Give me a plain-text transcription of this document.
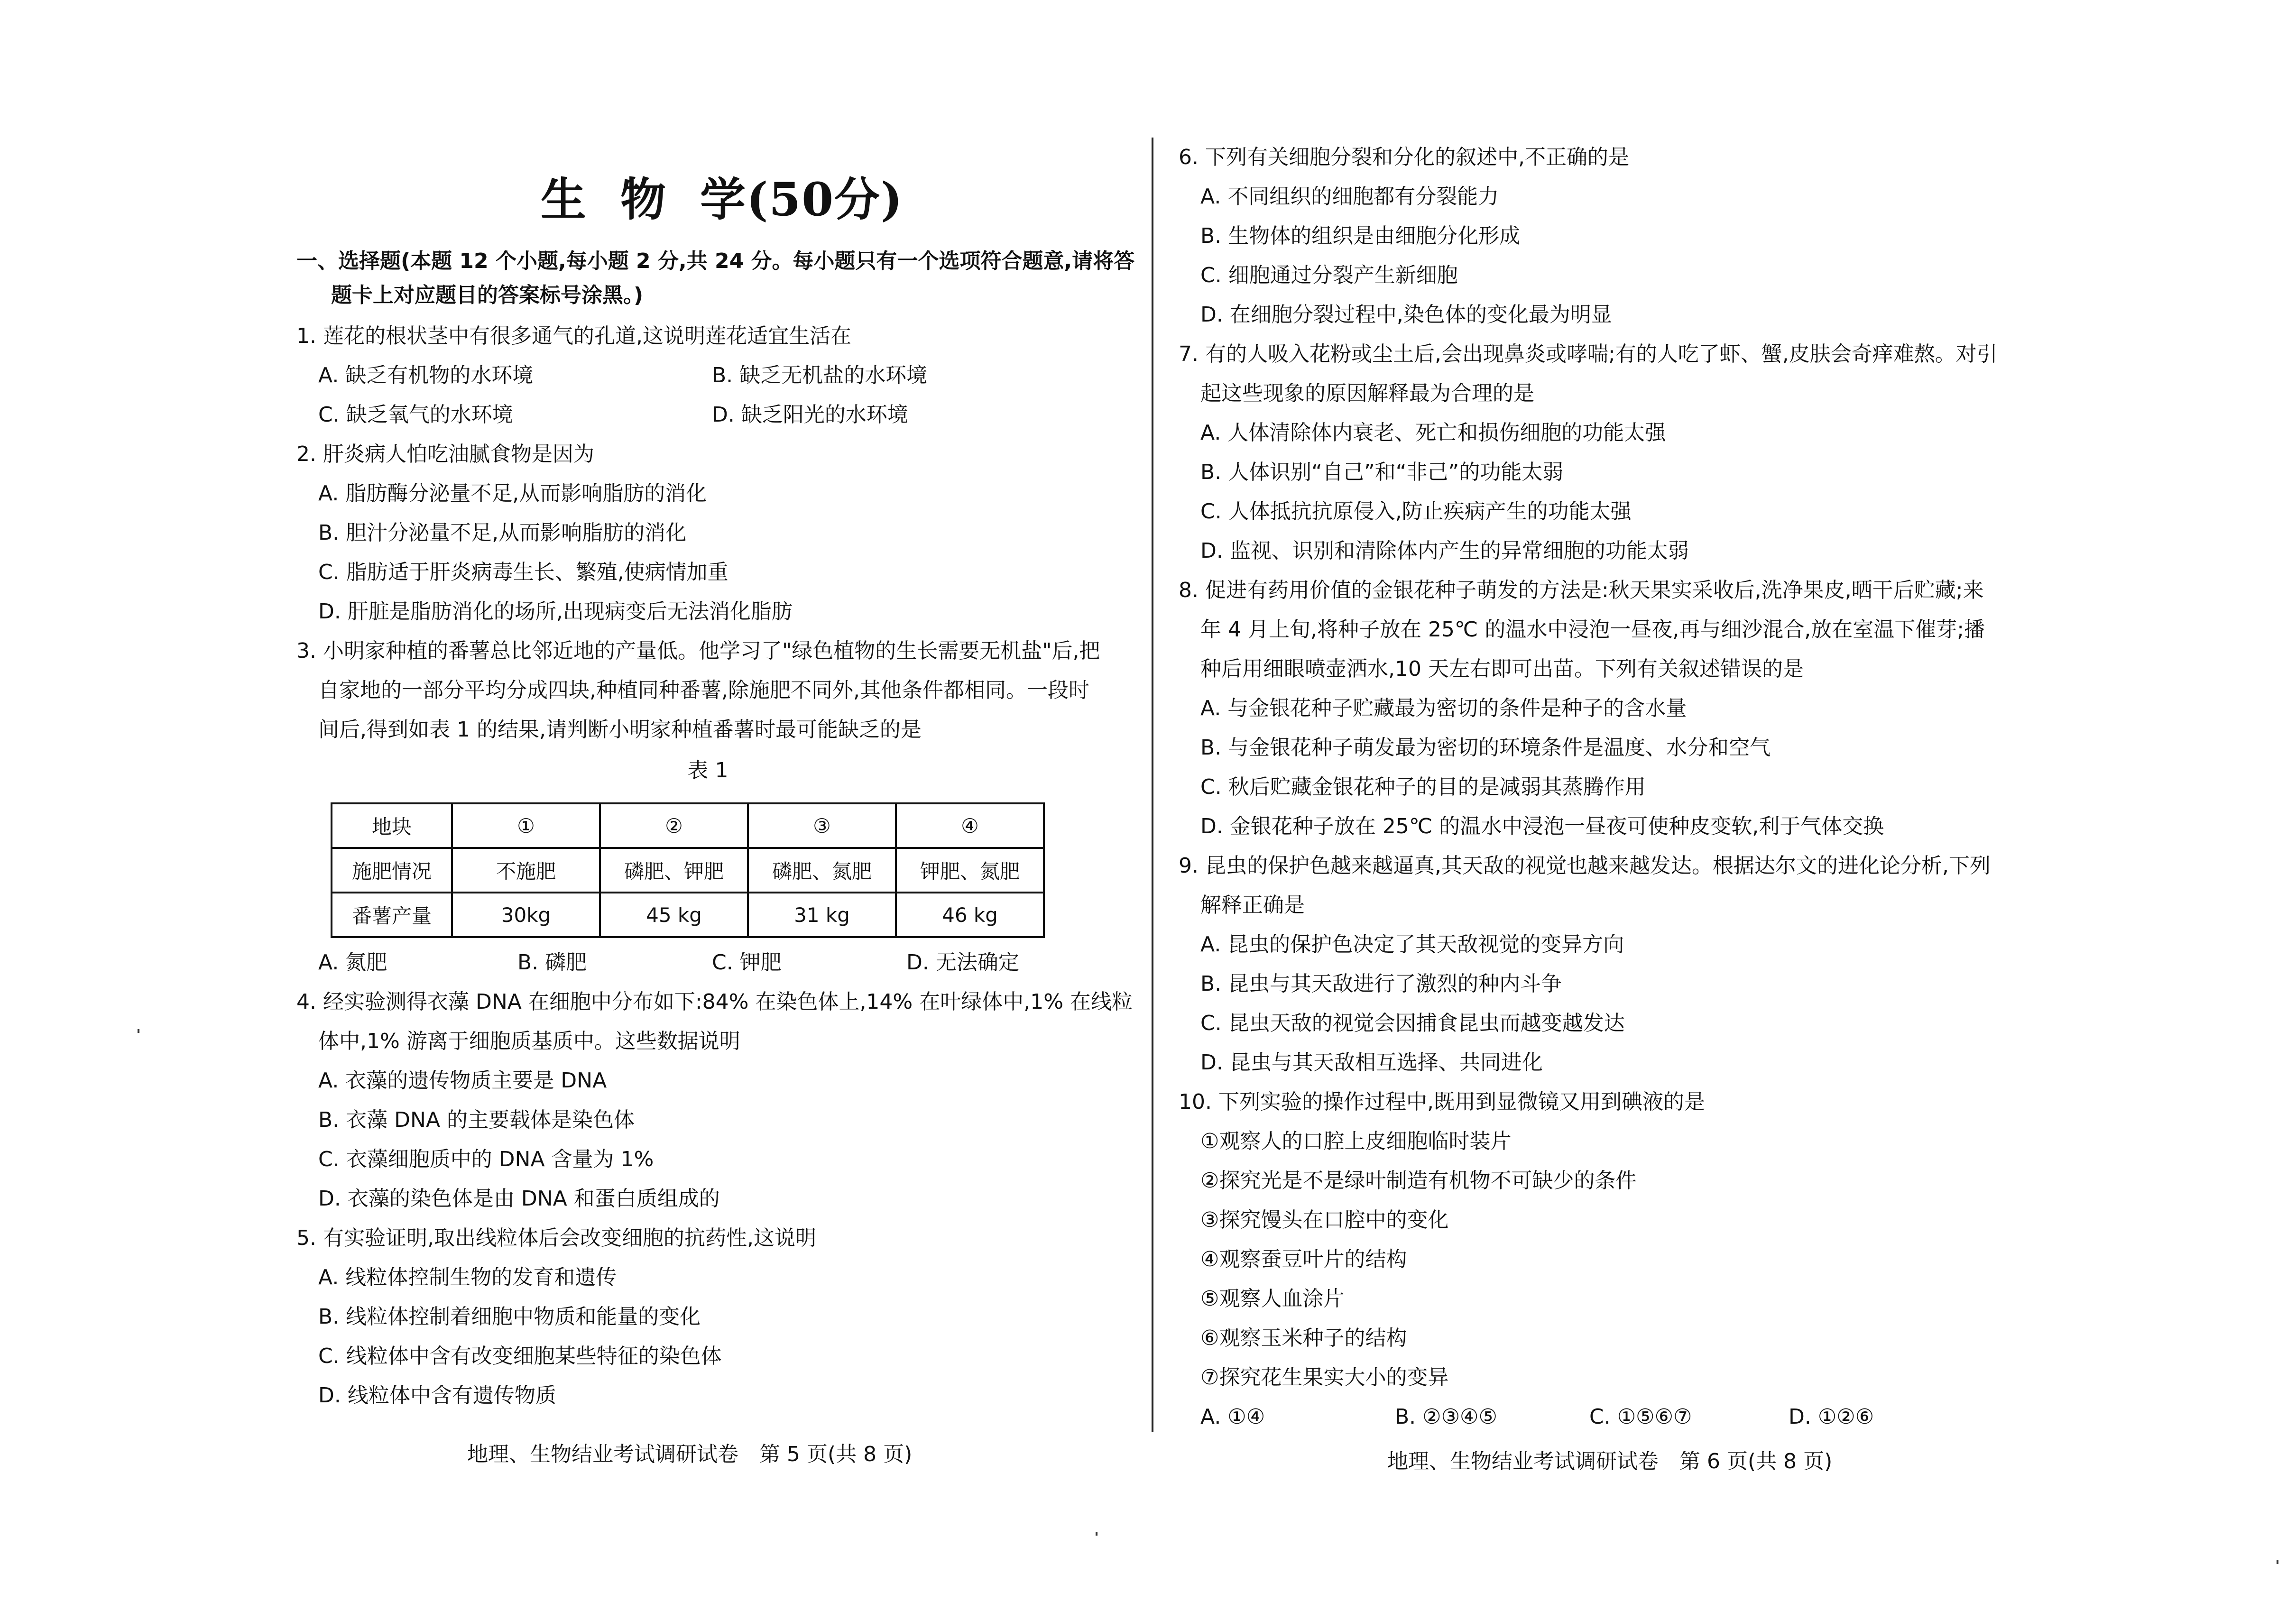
生 物 学(50分)
一、选择题(本题 12 个小题,每小题 2 分,共 24 分。每小题只有一个选项符合题意,请将答
题卡上对应题目的答案标号涂黑。)
1. 莲花的根状茎中有很多通气的孔道,这说明莲花适宜生活在
A. 缺乏有机物的水环境	B. 缺乏无机盐的水环境
C. 缺乏氧气的水环境	D. 缺乏阳光的水环境
2. 肝炎病人怕吃油腻食物是因为
A. 脂肪酶分泌量不足,从而影响脂肪的消化
B. 胆汁分泌量不足,从而影响脂肪的消化
C. 脂肪适于肝炎病毒生长、繁殖,使病情加重
D. 肝脏是脂肪消化的场所,出现病变后无法消化脂肪
3. 小明家种植的番薯总比邻近地的产量低。他学习了"绿色植物的生长需要无机盐"后,把
自家地的一部分平均分成四块,种植同种番薯,除施肥不同外,其他条件都相同。一段时
间后,得到如表 1 的结果,请判断小明家种植番薯时最可能缺乏的是
表 1
地块	①	②	③	④
施肥情况	不施肥	磷肥、钾肥	磷肥、氮肥	钾肥、氮肥
番薯产量	30kg	45 kg	31 kg	46 kg
A. 氮肥	B. 磷肥	C. 钾肥	D. 无法确定
4. 经实验测得衣藻 DNA 在细胞中分布如下:84% 在染色体上,14% 在叶绿体中,1% 在线粒
体中,1% 游离于细胞质基质中。这些数据说明
A. 衣藻的遗传物质主要是 DNA
B. 衣藻 DNA 的主要载体是染色体
C. 衣藻细胞质中的 DNA 含量为 1%
D. 衣藻的染色体是由 DNA 和蛋白质组成的
5. 有实验证明,取出线粒体后会改变细胞的抗药性,这说明
A. 线粒体控制生物的发育和遗传
B. 线粒体控制着细胞中物质和能量的变化
C. 线粒体中含有改变细胞某些特征的染色体
D. 线粒体中含有遗传物质
6. 下列有关细胞分裂和分化的叙述中,不正确的是
A. 不同组织的细胞都有分裂能力
B. 生物体的组织是由细胞分化形成
C. 细胞通过分裂产生新细胞
D. 在细胞分裂过程中,染色体的变化最为明显
7. 有的人吸入花粉或尘土后,会出现鼻炎或哮喘;有的人吃了虾、蟹,皮肤会奇痒难熬。对引
起这些现象的原因解释最为合理的是
A. 人体清除体内衰老、死亡和损伤细胞的功能太强
B. 人体识别“自己”和“非己”的功能太弱
C. 人体抵抗抗原侵入,防止疾病产生的功能太强
D. 监视、识别和清除体内产生的异常细胞的功能太弱
8. 促进有药用价值的金银花种子萌发的方法是:秋天果实采收后,洗净果皮,晒干后贮藏;来
年 4 月上旬,将种子放在 25℃ 的温水中浸泡一昼夜,再与细沙混合,放在室温下催芽;播
种后用细眼喷壶洒水,10 天左右即可出苗。下列有关叙述错误的是
A. 与金银花种子贮藏最为密切的条件是种子的含水量
B. 与金银花种子萌发最为密切的环境条件是温度、水分和空气
C. 秋后贮藏金银花种子的目的是减弱其蒸腾作用
D. 金银花种子放在 25℃ 的温水中浸泡一昼夜可使种皮变软,利于气体交换
9. 昆虫的保护色越来越逼真,其天敌的视觉也越来越发达。根据达尔文的进化论分析,下列
解释正确是
A. 昆虫的保护色决定了其天敌视觉的变异方向
B. 昆虫与其天敌进行了激烈的种内斗争
C. 昆虫天敌的视觉会因捕食昆虫而越变越发达
D. 昆虫与其天敌相互选择、共同进化
10. 下列实验的操作过程中,既用到显微镜又用到碘液的是
①观察人的口腔上皮细胞临时装片
②探究光是不是绿叶制造有机物不可缺少的条件
③探究馒头在口腔中的变化
④观察蚕豆叶片的结构
⑤观察人血涂片
⑥观察玉米种子的结构
⑦探究花生果实大小的变异
A. ①④	B. ②③④⑤	C. ①⑤⑥⑦	D. ①②⑥
地理、生物结业考试调研试卷　第 5 页(共 8 页)	地理、生物结业考试调研试卷　第 6 页(共 8 页)
